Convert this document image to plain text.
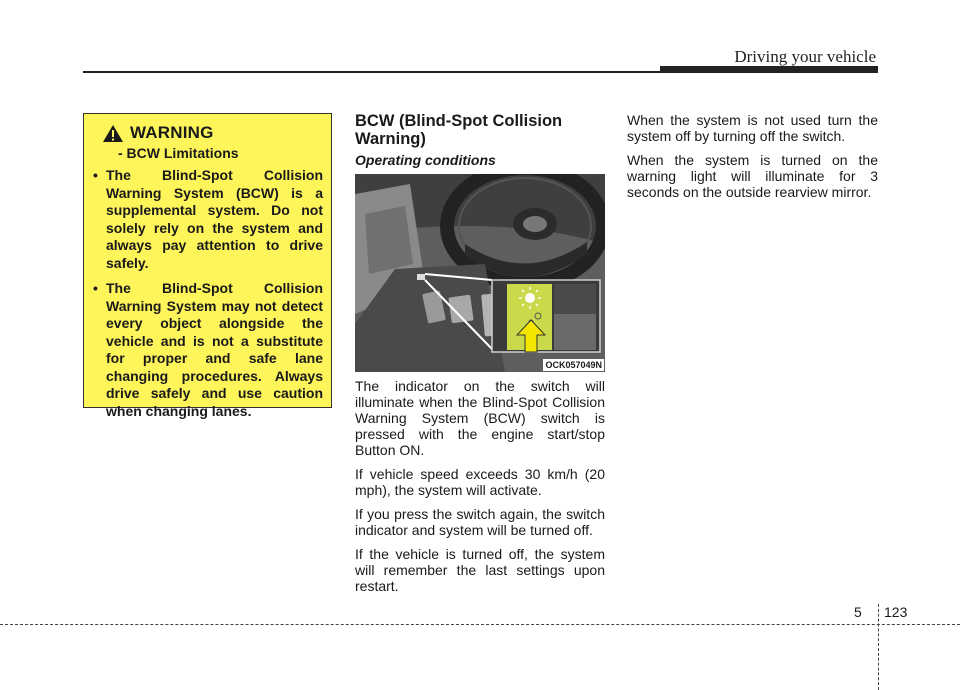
Driving your vehicle
WARNING
- BCW Limitations
• The Blind-Spot Collision Warning System (BCW) is a supplemental system. Do not solely rely on the system and always pay attention to drive safely.
• The Blind-Spot Collision Warning System may not detect every object alongside the vehicle and is not a substitute for proper and safe lane changing procedures. Always drive safely and use caution when changing lanes.
BCW (Blind-Spot Collision Warning)
Operating conditions
OCK057049N

The indicator on the switch will illuminate when the Blind-Spot Collision Warning System (BCW) switch is pressed with the engine start/stop Button ON.

If vehicle speed exceeds 30 km/h (20 mph), the system will activate.

If you press the switch again, the switch indicator and system will be turned off.

If the vehicle is turned off, the system will remember the last settings upon restart.

When the system is not used turn the system off by turning off the switch.

When the system is turned on the warning light will illuminate for 3 seconds on the outside rearview mirror.

5 123
